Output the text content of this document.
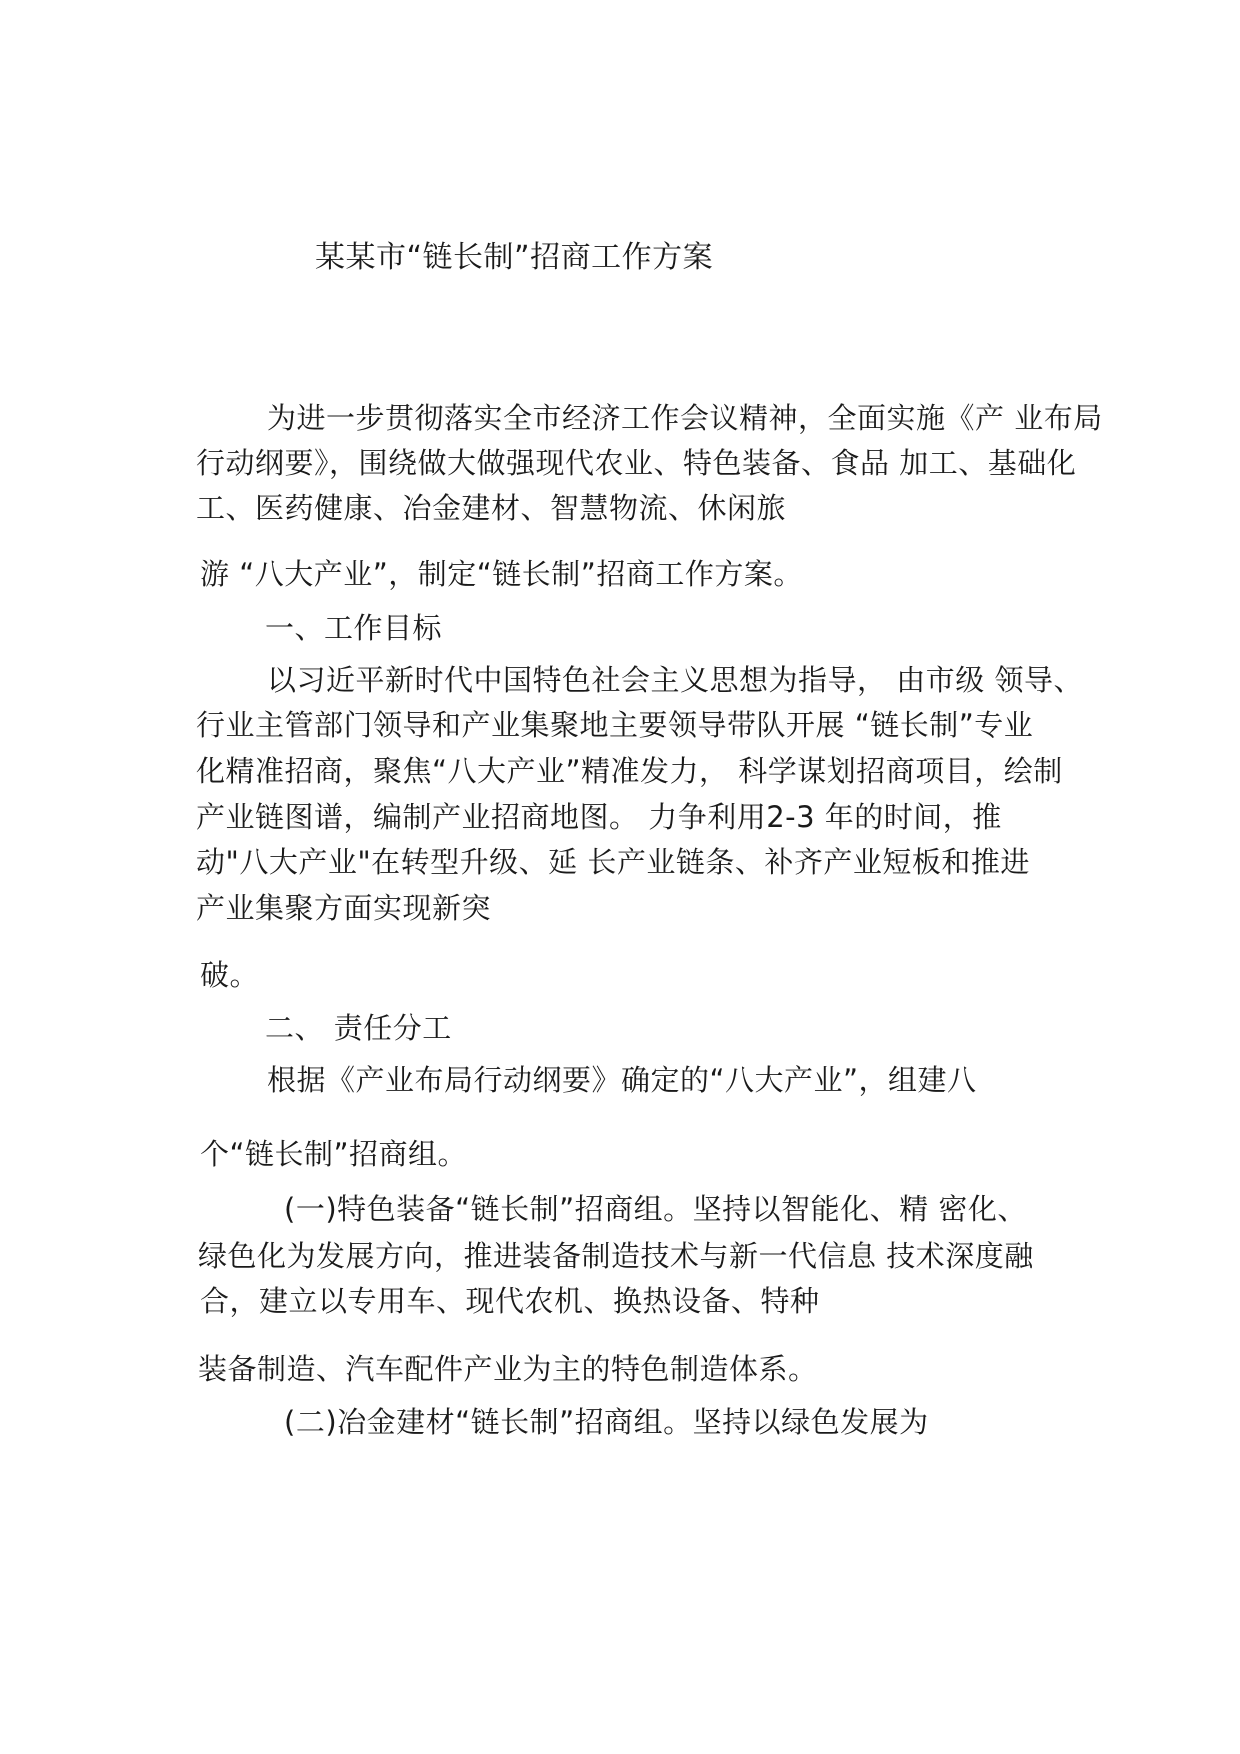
某某市“链长制”招商工作方案
为进一步贯彻落实全市经济工作会议精神，全面实施《产 业布局
行动纲要》，围绕做大做强现代农业、特色装备、食品 加工、基础化
工、医药健康、冶金建材、智慧物流、休闲旅
游 “八大产业”，制定“链长制”招商工作方案。
一、工作目标
以习近平新时代中国特色社会主义思想为指导， 由市级 领导、
行业主管部门领导和产业集聚地主要领导带队开展 “链长制”专业
化精准招商，聚焦“八大产业”精准发力， 科学谋划招商项目，绘制
产业链图谱，编制产业招商地图。 力争利用2-3 年的时间，推
动"八大产业"在转型升级、延 长产业链条、补齐产业短板和推进
产业集聚方面实现新突
破。
二、 责任分工
根据《产业布局行动纲要》确定的“八大产业”，组建八
个“链长制”招商组。
(一)特色装备“链长制”招商组。坚持以智能化、精 密化、
绿色化为发展方向，推进装备制造技术与新一代信息 技术深度融
合，建立以专用车、现代农机、换热设备、特种
装备制造、汽车配件产业为主的特色制造体系。
(二)冶金建材“链长制”招商组。坚持以绿色发展为
